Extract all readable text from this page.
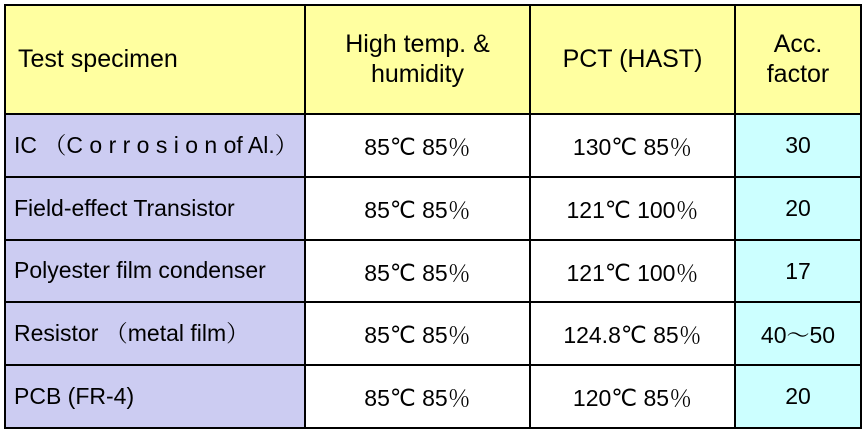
Test specimen	High temp. & humidity	PCT (HAST)	Acc. factor
IC （C o r r o s i o n of Al.）	85℃ 85％	130℃ 85％	30
Field-effect Transistor	85℃ 85％	121℃ 100％	20
Polyester film condenser	85℃ 85％	121℃ 100％	17
Resistor （metal film）	85℃ 85％	124.8℃ 85％	40～50
PCB (FR-4)	85℃ 85％	120℃ 85％	20
